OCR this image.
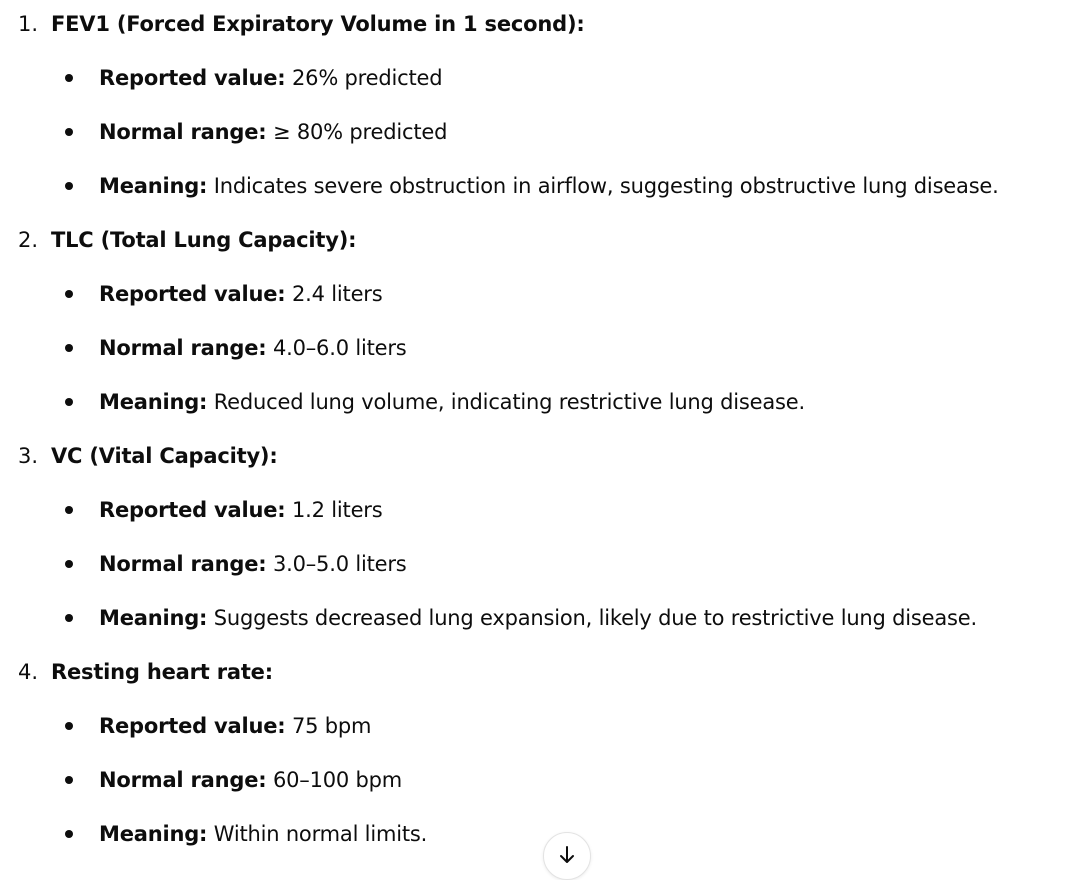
1. FEV1 (Forced Expiratory Volume in 1 second):
Reported value: 26% predicted
Normal range: ≥ 80% predicted
Meaning: Indicates severe obstruction in airflow, suggesting obstructive lung disease.
2. TLC (Total Lung Capacity):
Reported value: 2.4 liters
Normal range: 4.0–6.0 liters
Meaning: Reduced lung volume, indicating restrictive lung disease.
3. VC (Vital Capacity):
Reported value: 1.2 liters
Normal range: 3.0–5.0 liters
Meaning: Suggests decreased lung expansion, likely due to restrictive lung disease.
4. Resting heart rate:
Reported value: 75 bpm
Normal range: 60–100 bpm
Meaning: Within normal limits.
